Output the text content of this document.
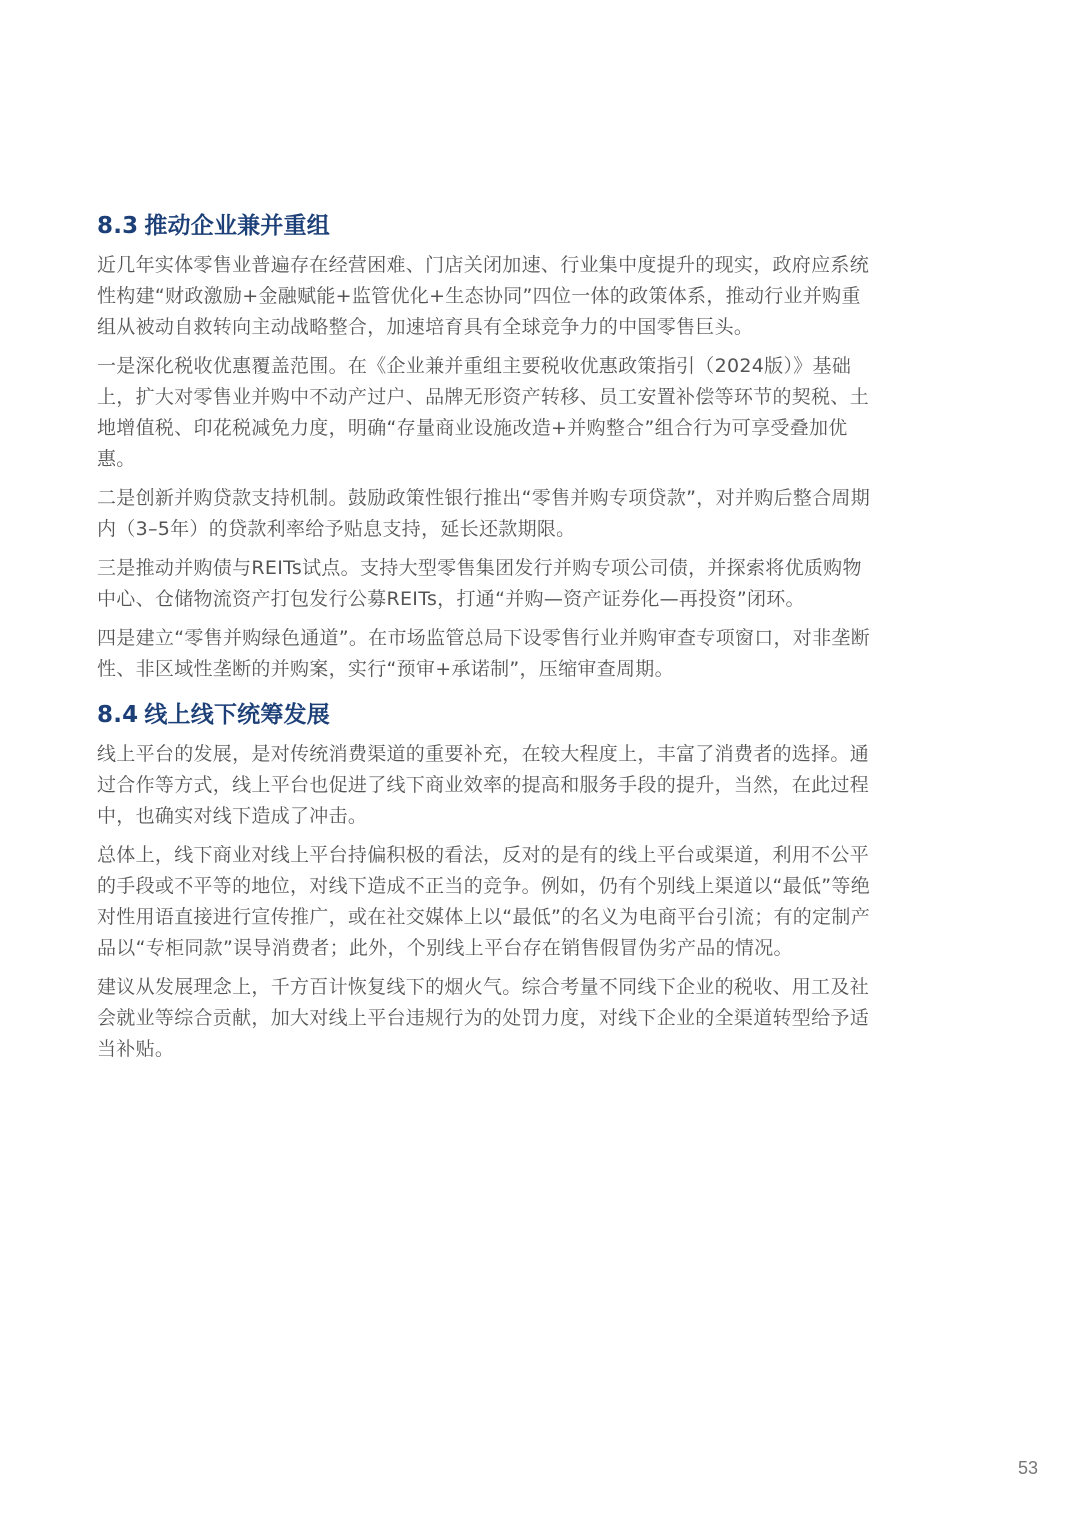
8.3 推动企业兼并重组

近几年实体零售业普遍存在经营困难、门店关闭加速、行业集中度提升的现实，政府应系统性构建“财政激励+金融赋能+监管优化+生态协同”四位一体的政策体系，推动行业并购重组从被动自救转向主动战略整合，加速培育具有全球竞争力的中国零售巨头。

一是深化税收优惠覆盖范围。在《企业兼并重组主要税收优惠政策指引（2024版）》基础上，扩大对零售业并购中不动产过户、品牌无形资产转移、员工安置补偿等环节的契税、土地增值税、印花税减免力度，明确“存量商业设施改造+并购整合”组合行为可享受叠加优惠。

二是创新并购贷款支持机制。鼓励政策性银行推出“零售并购专项贷款”，对并购后整合周期内（3–5年）的贷款利率给予贴息支持，延长还款期限。

三是推动并购债与REITs试点。支持大型零售集团发行并购专项公司债，并探索将优质购物中心、仓储物流资产打包发行公募REITs，打通“并购—资产证券化—再投资”闭环。

四是建立“零售并购绿色通道”。在市场监管总局下设零售行业并购审查专项窗口，对非垄断性、非区域性垄断的并购案，实行“预审+承诺制”，压缩审查周期。

8.4 线上线下统筹发展

线上平台的发展，是对传统消费渠道的重要补充，在较大程度上，丰富了消费者的选择。通过合作等方式，线上平台也促进了线下商业效率的提高和服务手段的提升，当然，在此过程中，也确实对线下造成了冲击。

总体上，线下商业对线上平台持偏积极的看法，反对的是有的线上平台或渠道，利用不公平的手段或不平等的地位，对线下造成不正当的竞争。例如，仍有个别线上渠道以“最低”等绝对性用语直接进行宣传推广，或在社交媒体上以“最低”的名义为电商平台引流；有的定制产品以“专柜同款”误导消费者；此外，个别线上平台存在销售假冒伪劣产品的情况。

建议从发展理念上，千方百计恢复线下的烟火气。综合考量不同线下企业的税收、用工及社会就业等综合贡献，加大对线上平台违规行为的处罚力度，对线下企业的全渠道转型给予适当补贴。

53
